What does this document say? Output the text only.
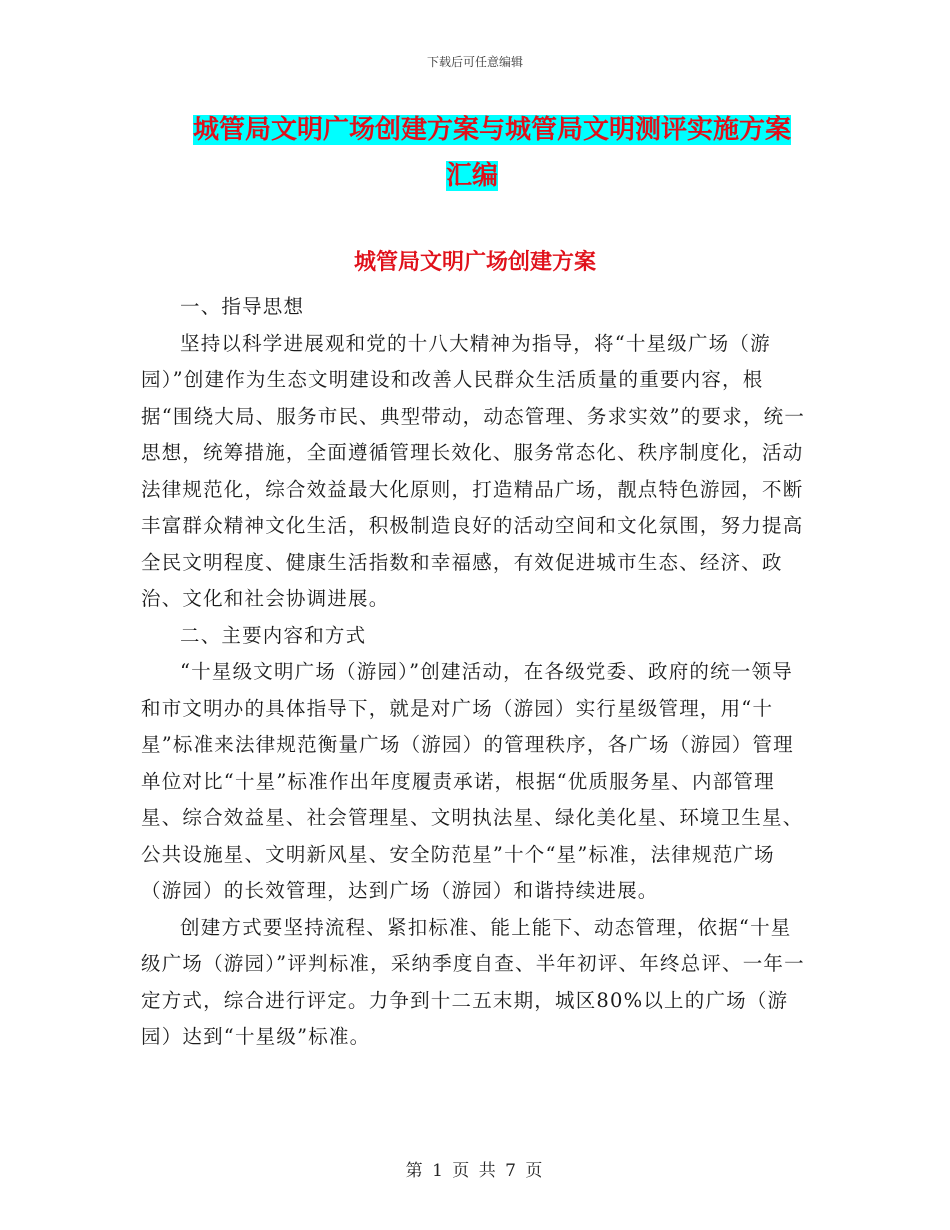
下载后可任意编辑
城管局文明广场创建方案与城管局文明测评实施方案
汇编
城管局文明广场创建方案

一、指导思想

坚持以科学进展观和党的十八大精神为指导，将“十星级广场（游园）”创建作为生态文明建设和改善人民群众生活质量的重要内容，根据“围绕大局、服务市民、典型带动，动态管理、务求实效”的要求，统一思想，统筹措施，全面遵循管理长效化、服务常态化、秩序制度化，活动法律规范化，综合效益最大化原则，打造精品广场，靓点特色游园，不断丰富群众精神文化生活，积极制造良好的活动空间和文化氛围，努力提高全民文明程度、健康生活指数和幸福感，有效促进城市生态、经济、政治、文化和社会协调进展。

二、主要内容和方式

“十星级文明广场（游园）”创建活动，在各级党委、政府的统一领导和市文明办的具体指导下，就是对广场（游园）实行星级管理，用“十星”标准来法律规范衡量广场（游园）的管理秩序，各广场（游园）管理单位对比“十星”标准作出年度履责承诺，根据“优质服务星、内部管理星、综合效益星、社会管理星、文明执法星、绿化美化星、环境卫生星、公共设施星、文明新风星、安全防范星”十个“星”标准，法律规范广场（游园）的长效管理，达到广场（游园）和谐持续进展。

创建方式要坚持流程、紧扣标准、能上能下、动态管理，依据“十星级广场（游园）”评判标准，采纳季度自查、半年初评、年终总评、一年一定方式，综合进行评定。力争到十二五末期，城区80%以上的广场（游园）达到“十星级”标准。

第 1 页 共 7 页
